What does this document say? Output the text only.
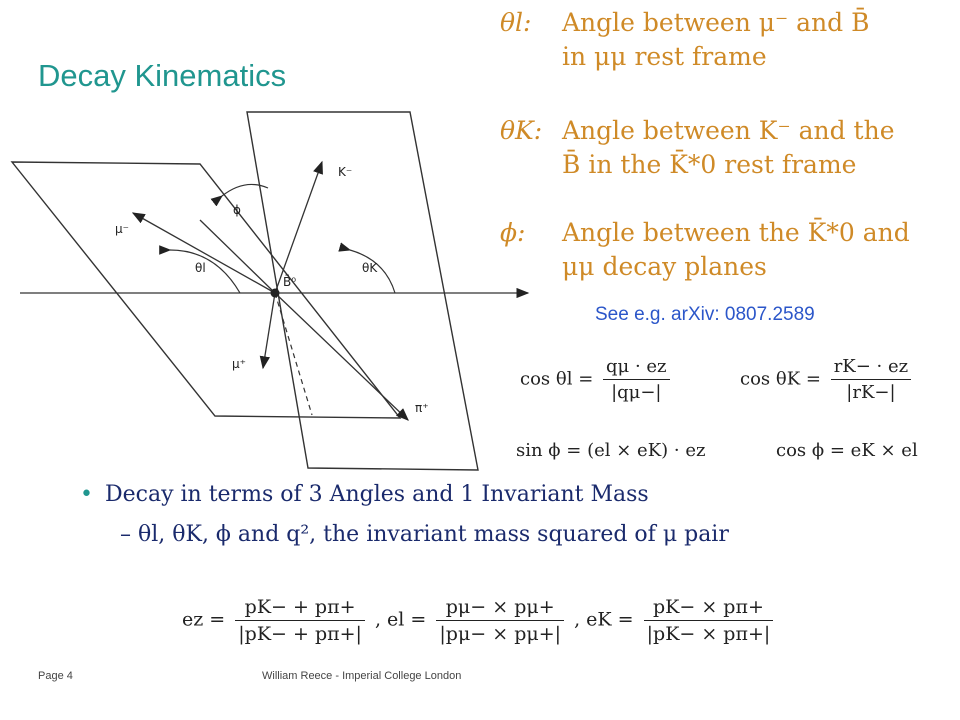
Decay Kinematics
B̄⁰
K⁻
μ⁻
μ⁺
π⁺
ϕ
θl	θK
θl:	Angle between μ⁻ and B̄
in μμ rest frame
θK: Angle between K⁻ and the
B̄ in the K̄*0 rest frame
ϕ:	Angle between the K̄*0 and
μμ decay planes
See e.g. arXiv: 0807.2589
$\cos \theta l = \frac{q\mu \cdot ez}{|q\mu-|}$	$\cos \theta K = \frac{rK- \cdot ez}{|rK-|}$
sin ϕ = (el × eK) · ez	cos ϕ = eK × el
• Decay in terms of 3 Angles and 1 Invariant Mass
– θl, θK, ϕ and q², the invariant mass squared of μ pair
ez = $\frac{pK- + p\pi+}{|pK- + p\pi+|}$ , el = $\frac{p\mu- \times p\mu+}{|p\mu- \times p\mu+|}$ , eK = $\frac{pK- \times p\pi+}{|pK- \times p\pi+|}$
Page 4	William Reece - Imperial College London
